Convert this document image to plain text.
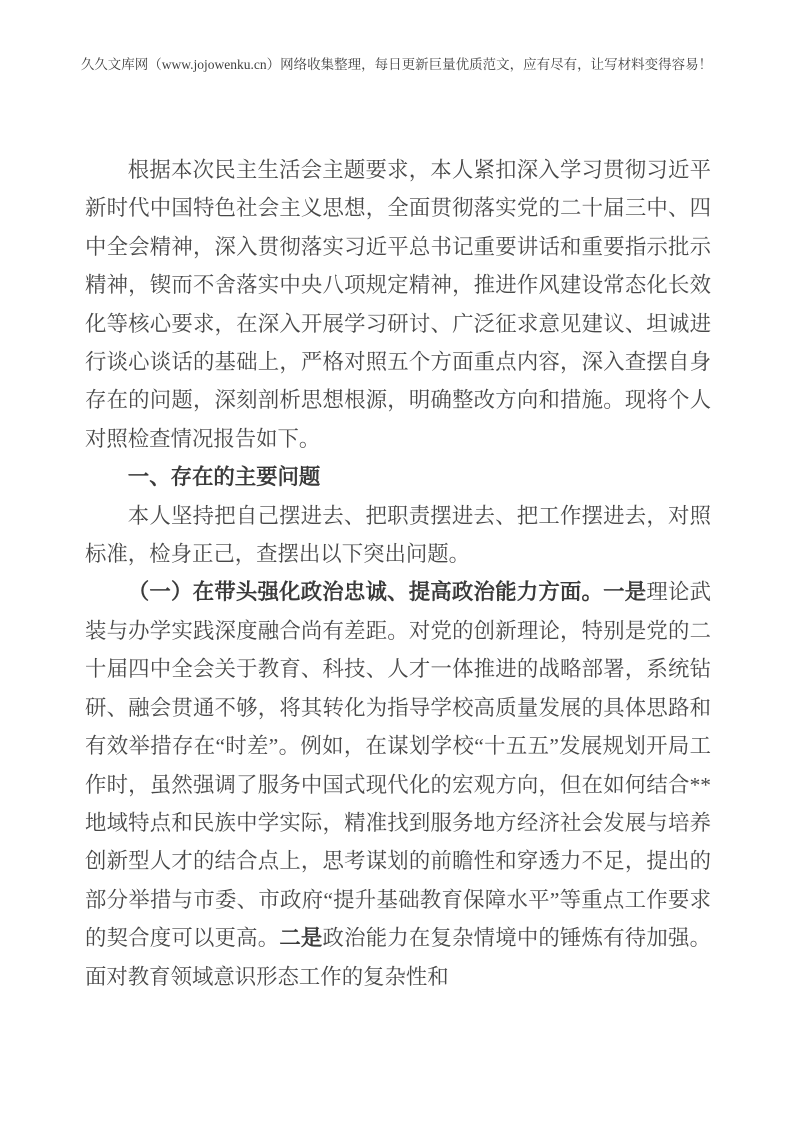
久久文库网（www.jojowenku.cn）网络收集整理，每日更新巨量优质范文，应有尽有，让写材料变得容易！

根据本次民主生活会主题要求，本人紧扣深入学习贯彻习近平新时代中国特色社会主义思想，全面贯彻落实党的二十届三中、四中全会精神，深入贯彻落实习近平总书记重要讲话和重要指示批示精神，锲而不舍落实中央八项规定精神，推进作风建设常态化长效化等核心要求，在深入开展学习研讨、广泛征求意见建议、坦诚进行谈心谈话的基础上，严格对照五个方面重点内容，深入查摆自身存在的问题，深刻剖析思想根源，明确整改方向和措施。现将个人对照检查情况报告如下。

一、存在的主要问题

本人坚持把自己摆进去、把职责摆进去、把工作摆进去，对照标准，检身正己，查摆出以下突出问题。

（一）在带头强化政治忠诚、提高政治能力方面。一是理论武装与办学实践深度融合尚有差距。对党的创新理论，特别是党的二十届四中全会关于教育、科技、人才一体推进的战略部署，系统钻研、融会贯通不够，将其转化为指导学校高质量发展的具体思路和有效举措存在“时差”。例如，在谋划学校“十五五”发展规划开局工作时，虽然强调了服务中国式现代化的宏观方向，但在如何结合**地域特点和民族中学实际，精准找到服务地方经济社会发展与培养创新型人才的结合点上，思考谋划的前瞻性和穿透力不足，提出的部分举措与市委、市政府“提升基础教育保障水平”等重点工作要求的契合度可以更高。二是政治能力在复杂情境中的锤炼有待加强。面对教育领域意识形态工作的复杂性和
